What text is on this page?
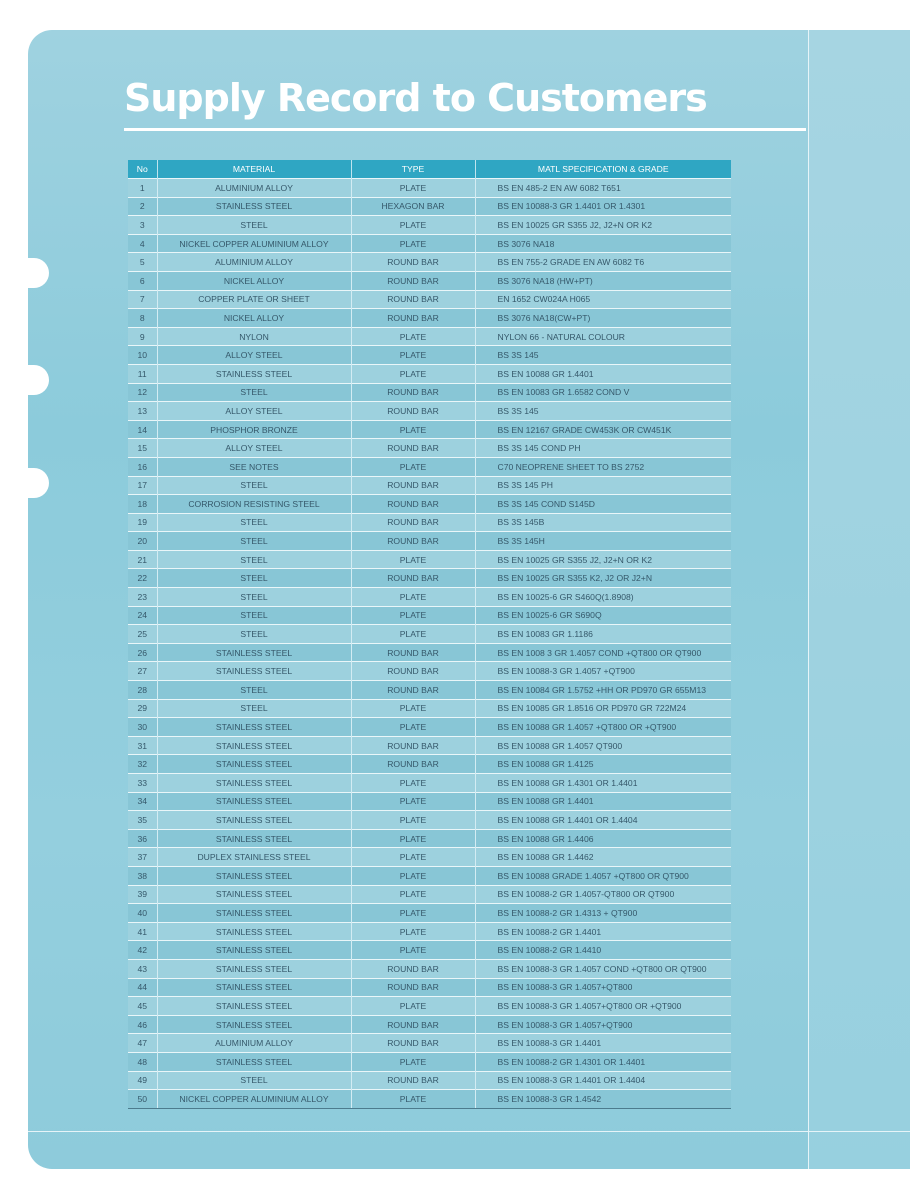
Supply Record to Customers
No	MATERIAL	TYPE	MATL SPECIFICATION & GRADE
1	ALUMINIUM ALLOY	PLATE	BS EN 485-2 EN AW 6082 T651
2	STAINLESS STEEL	HEXAGON BAR	BS EN 10088-3 GR 1.4401 OR 1.4301
3	STEEL	PLATE	BS EN 10025 GR S355 J2, J2+N OR K2
4	NICKEL COPPER ALUMINIUM ALLOY	PLATE	BS 3076 NA18
5	ALUMINIUM ALLOY	ROUND BAR	BS EN 755-2 GRADE EN AW 6082 T6
6	NICKEL ALLOY	ROUND BAR	BS 3076 NA18 (HW+PT)
7	COPPER PLATE OR SHEET	ROUND BAR	EN 1652 CW024A H065
8	NICKEL ALLOY	ROUND BAR	BS 3076 NA18(CW+PT)
9	NYLON	PLATE	NYLON 66 - NATURAL COLOUR
10	ALLOY STEEL	PLATE	BS 3S 145
11	STAINLESS STEEL	PLATE	BS EN 10088 GR 1.4401
12	STEEL	ROUND BAR	BS EN 10083 GR 1.6582 COND V
13	ALLOY STEEL	ROUND BAR	BS 3S 145
14	PHOSPHOR BRONZE	PLATE	BS EN 12167 GRADE CW453K OR CW451K
15	ALLOY STEEL	ROUND BAR	BS 3S 145 COND PH
16	SEE NOTES	PLATE	C70 NEOPRENE SHEET TO BS 2752
17	STEEL	ROUND BAR	BS 3S 145 PH
18	CORROSION RESISTING STEEL	ROUND BAR	BS 3S 145 COND S145D
19	STEEL	ROUND BAR	BS 3S 145B
20	STEEL	ROUND BAR	BS 3S 145H
21	STEEL	PLATE	BS EN 10025 GR S355 J2, J2+N OR K2
22	STEEL	ROUND BAR	BS EN 10025 GR S355 K2, J2 OR J2+N
23	STEEL	PLATE	BS EN 10025-6 GR S460Q(1.8908)
24	STEEL	PLATE	BS EN 10025-6 GR S690Q
25	STEEL	PLATE	BS EN 10083 GR 1.1186
26	STAINLESS STEEL	ROUND BAR	BS EN 1008 3 GR 1.4057 COND +QT800 OR QT900
27	STAINLESS STEEL	ROUND BAR	BS EN 10088-3 GR 1.4057 +QT900
28	STEEL	ROUND BAR	BS EN 10084 GR 1.5752 +HH OR PD970 GR 655M13
29	STEEL	PLATE	BS EN 10085 GR 1.8516 OR PD970 GR 722M24
30	STAINLESS STEEL	PLATE	BS EN 10088 GR 1.4057 +QT800 OR +QT900
31	STAINLESS STEEL	ROUND BAR	BS EN 10088 GR 1.4057 QT900
32	STAINLESS STEEL	ROUND BAR	BS EN 10088 GR 1.4125
33	STAINLESS STEEL	PLATE	BS EN 10088 GR 1.4301 OR 1.4401
34	STAINLESS STEEL	PLATE	BS EN 10088 GR 1.4401
35	STAINLESS STEEL	PLATE	BS EN 10088 GR 1.4401 OR 1.4404
36	STAINLESS STEEL	PLATE	BS EN 10088 GR 1.4406
37	DUPLEX STAINLESS STEEL	PLATE	BS EN 10088 GR 1.4462
38	STAINLESS STEEL	PLATE	BS EN 10088 GRADE 1.4057 +QT800 OR QT900
39	STAINLESS STEEL	PLATE	BS EN 10088-2 GR 1.4057-QT800 OR QT900
40	STAINLESS STEEL	PLATE	BS EN 10088-2 GR 1.4313 + QT900
41	STAINLESS STEEL	PLATE	BS EN 10088-2 GR 1.4401
42	STAINLESS STEEL	PLATE	BS EN 10088-2 GR 1.4410
43	STAINLESS STEEL	ROUND BAR	BS EN 10088-3 GR 1.4057 COND +QT800 OR QT900
44	STAINLESS STEEL	ROUND BAR	BS EN 10088-3 GR 1.4057+QT800
45	STAINLESS STEEL	PLATE	BS EN 10088-3 GR 1.4057+QT800 OR +QT900
46	STAINLESS STEEL	ROUND BAR	BS EN 10088-3 GR 1.4057+QT900
47	ALUMINIUM ALLOY	ROUND BAR	BS EN 10088-3 GR 1.4401
48	STAINLESS STEEL	PLATE	BS EN 10088-2 GR 1.4301 OR 1.4401
49	STEEL	ROUND BAR	BS EN 10088-3 GR 1.4401 OR 1.4404
50	NICKEL COPPER ALUMINIUM ALLOY	PLATE	BS EN 10088-3 GR 1.4542
